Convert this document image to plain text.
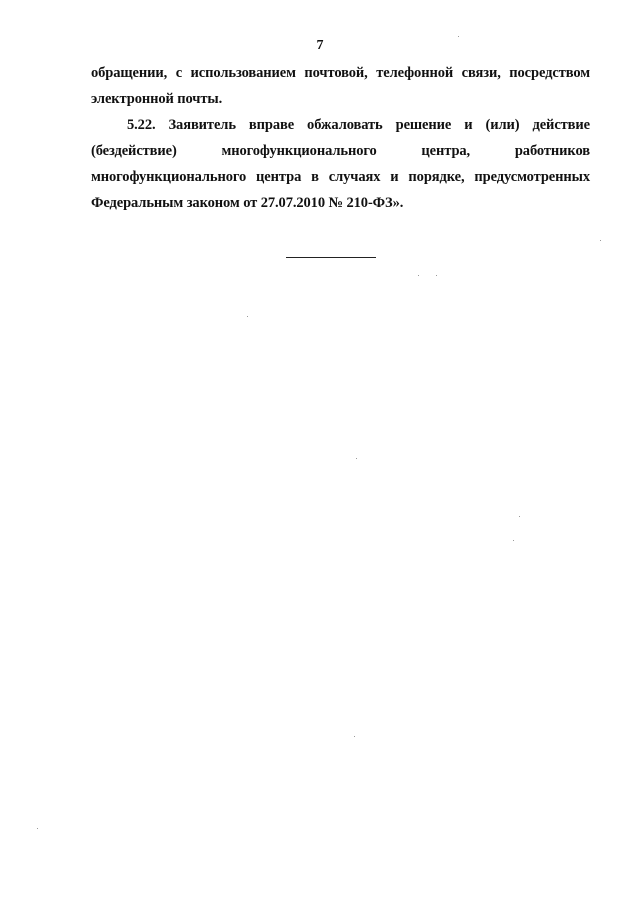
7
обращении, с использованием почтовой, телефонной связи, посредством
электронной почты.
5.22. Заявитель вправе обжаловать решение и (или) действие
(бездействие) многофункционального центра, работников
многофункционального центра в случаях и порядке, предусмотренных
Федеральным законом от 27.07.2010 № 210-ФЗ».
